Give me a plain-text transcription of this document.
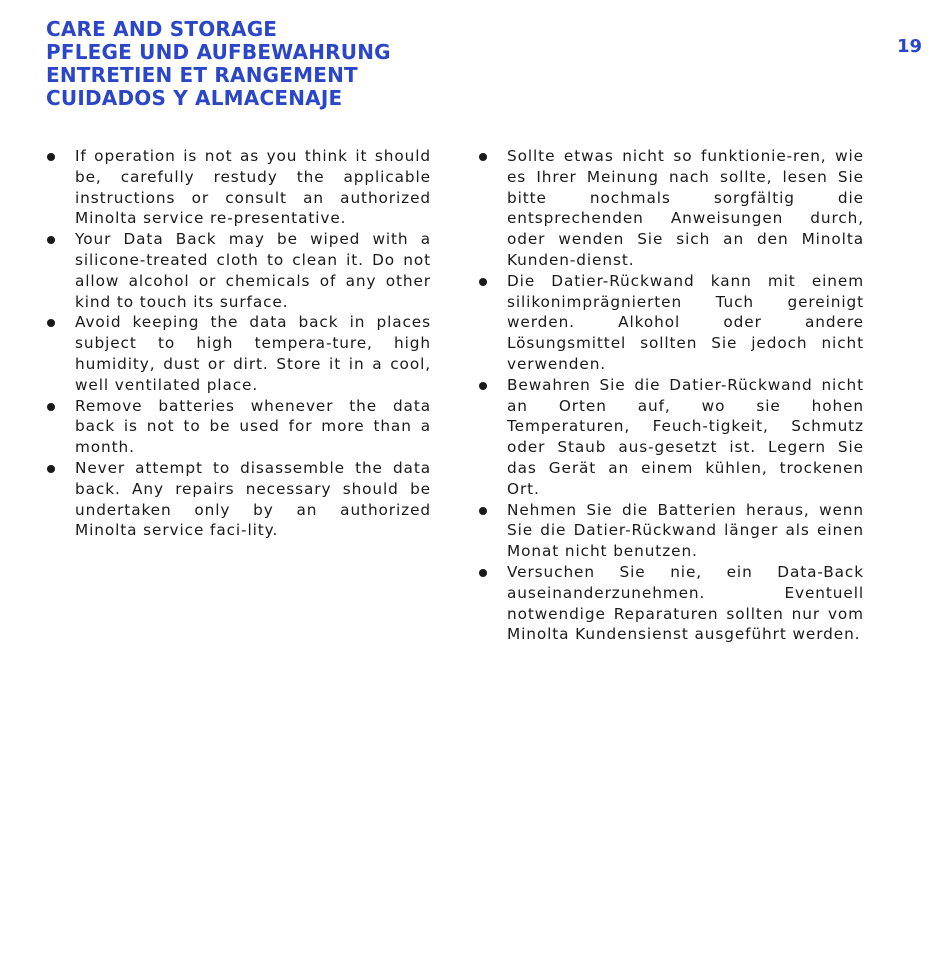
CARE AND STORAGE
PFLEGE UND AUFBEWAHRUNG
ENTRETIEN ET RANGEMENT
CUIDADOS Y ALMACENAJE
19
If operation is not as you think it should be, carefully restudy the applicable instructions or consult an authorized Minolta service re-presentative.
Your Data Back may be wiped with a silicone-treated cloth to clean it. Do not allow alcohol or chemicals of any other kind to touch its surface.
Avoid keeping the data back in places subject to high tempera-ture, high humidity, dust or dirt. Store it in a cool, well ventilated place.
Remove batteries whenever the data back is not to be used for more than a month.
Never attempt to disassemble the data back. Any repairs necessary should be undertaken only by an authorized Minolta service faci-lity.
Sollte etwas nicht so funktionie-ren, wie es Ihrer Meinung nach sollte, lesen Sie bitte nochmals sorgfältig die entsprechenden Anweisungen durch, oder wenden Sie sich an den Minolta Kunden-dienst.
Die Datier-Rückwand kann mit einem silikonimprägnierten Tuch gereinigt werden. Alkohol oder andere Lösungsmittel sollten Sie jedoch nicht verwenden.
Bewahren Sie die Datier-Rückwand nicht an Orten auf, wo sie hohen Temperaturen, Feuch-tigkeit, Schmutz oder Staub aus-gesetzt ist. Legern Sie das Gerät an einem kühlen, trockenen Ort.
Nehmen Sie die Batterien heraus, wenn Sie die Datier-Rückwand länger als einen Monat nicht benutzen.
Versuchen Sie nie, ein Data-Back auseinanderzunehmen. Eventuell notwendige Reparaturen sollten nur vom Minolta Kundensienst ausgeführt werden.
